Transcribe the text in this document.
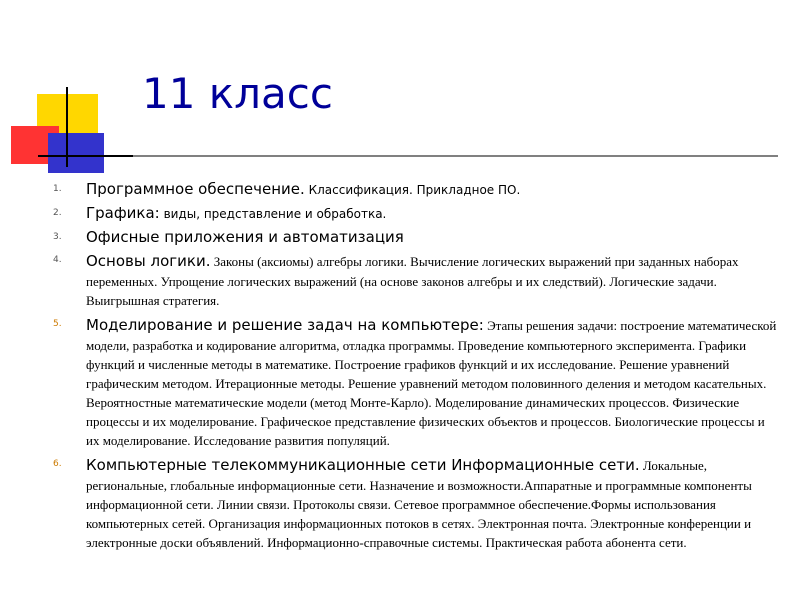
11 класс
1. Программное обеспечение. Классификация. Прикладное ПО.
2. Графика: виды, представление и обработка.
3. Офисные приложения и автоматизация
4. Основы логики. Законы (аксиомы) алгебры логики. Вычисление логических выражений при заданных наборах переменных. Упрощение логических выражений (на основе законов алгебры и их следствий). Логические задачи. Выигрышная стратегия.
5. Моделирование и решение задач на компьютере: Этапы решения задачи: построение математической модели, разработка и кодирование алгоритма, отладка программы. Проведение компьютерного эксперимента. Графики функций и численные методы в математике. Построение графиков функций и их исследование. Решение уравнений графическим методом. Итерационные методы. Решение уравнений методом половинного деления и методом касательных. Вероятностные математические модели (метод Монте-Карло). Моделирование динамических процессов. Физические процессы и их моделирование. Графическое представление физических объектов и процессов. Биологические процессы и их моделирование. Исследование развития популяций.
6. Компьютерные телекоммуникационные сети Информационные сети. Локальные, региональные, глобальные информационные сети. Назначение и возможности.Аппаратные и программные компоненты информационной сети. Линии связи. Протоколы связи. Сетевое программное обеспечение.Формы использования компьютерных сетей. Организация информационных потоков в сетях. Электронная почта. Электронные конференции и электронные доски объявлений. Информационно-справочные системы. Практическая работа абонента сети.
